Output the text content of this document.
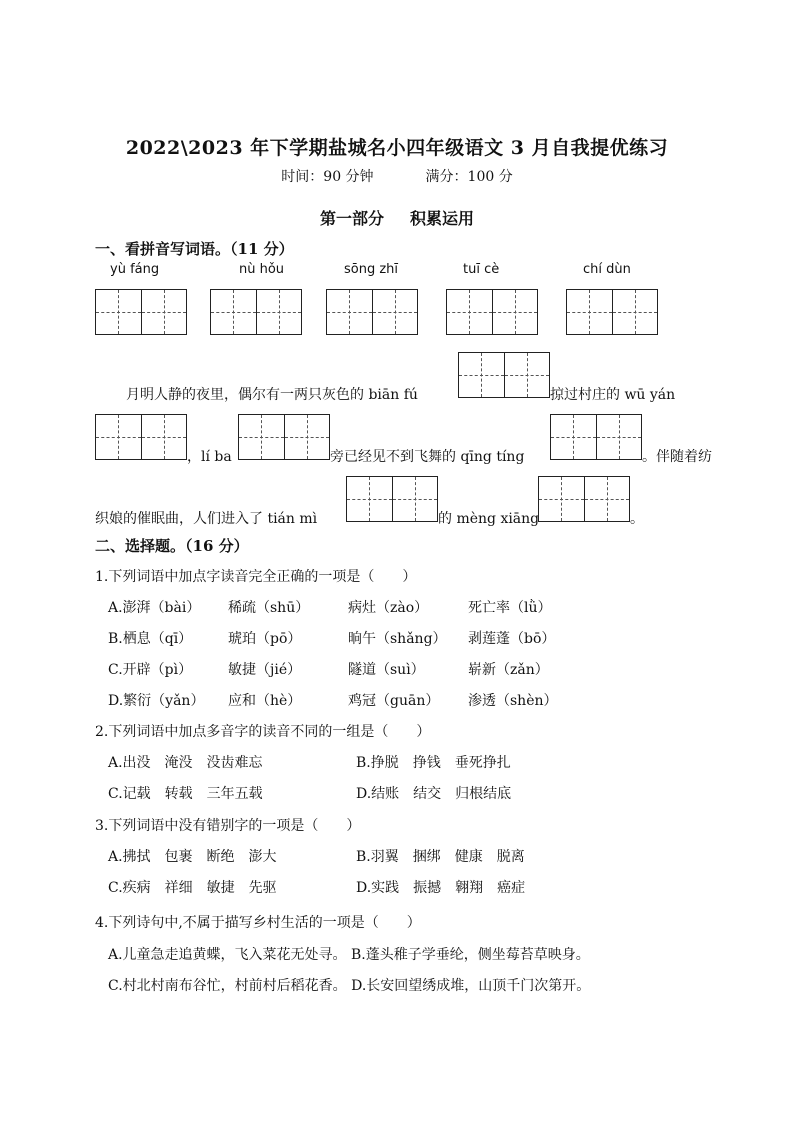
2022\2023 年下学期盐城名小四年级语文 3 月自我提优练习
时间：90 分钟	满分：100 分
第一部分 积累运用
一、看拼音写词语。（11 分）
yù fáng	nù hǒu	sōng zhī	tuī cè	chí dùn
月明人静的夜里，偶尔有一两只灰色的 biān fú	掠过村庄的 wū yán
，lí ba	旁已经见不到飞舞的 qīng tíng	。伴随着纺
织娘的催眠曲，人们进入了 tián mì	的 mèng xiāng	。
二、选择题。（16 分）
1.下列词语中加点字读音完全正确的一项是（　　）
A.澎湃（bài） 稀疏（shū）	病灶（zào）	死亡率（lǜ）
B.栖息（qī）	琥珀（pō）	晌午（shǎng） 剥莲蓬（bō）
C.开辟（pì）	敏捷（jié）	隧道（suì）	崭新（zǎn）
D.繁衍（yǎn） 应和（hè）	鸡冠（guān） 渗透（shèn）
2.下列词语中加点多音字的读音不同的一组是（　　）
A.出没　淹没　没齿难忘	B.挣脱　挣钱　垂死挣扎
C.记载　转载　三年五载	D.结账　结交　归根结底
3.下列词语中没有错别字的一项是（　　）
A.拂拭　包裹　断绝　澎大	B.羽翼　捆绑　健康　脱离
C.疾病　祥细　敏捷　先驱	D.实践　振撼　翱翔　癌症
4.下列诗句中,不属于描写乡村生活的一项是（　　）
A.儿童急走追黄蝶，飞入菜花无处寻。 B.蓬头稚子学垂纶，侧坐莓苔草映身。
C.村北村南布谷忙，村前村后稻花香。 D.长安回望绣成堆，山顶千门次第开。
